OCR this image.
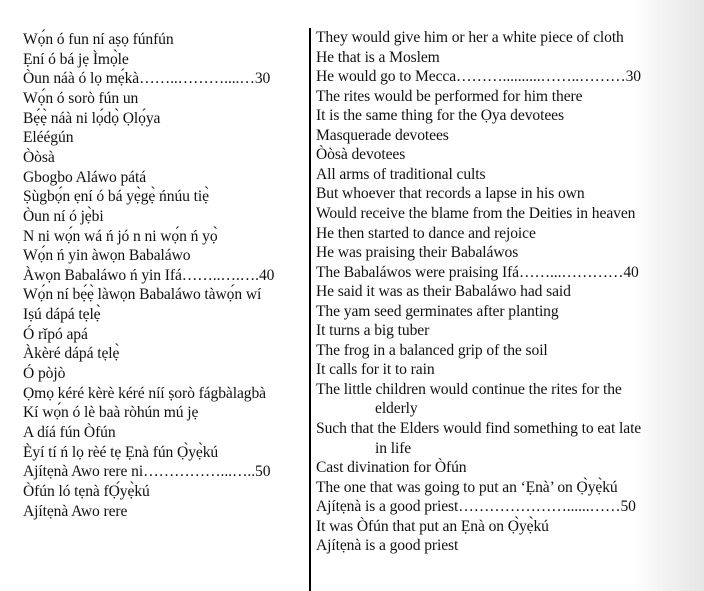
Wọ́n ó fun ní aṣọ fúnfún
Ẹní ó bá jẹ Ìmọ̀le
Òun náà ó lọ mẹ́kà……..………....…30
Wọ́n ó sorò fún un
Bẹ́ẹ̀ náà ni lọ́dọ̀ Ọlọ́ya
Eléégún
Òòsà
Gbogbo Aláwo pátá
Ṣùgbọ́n ẹní ó bá yẹ̀gẹ̀ ńnúu tiẹ̀
Òun ní ó jẹ̀bi
N ni wọ́n wá ń jó n ni wọ́n ń yọ̀
Wọ́n ń yin àwọn Babaláwo
Àwọn Babaláwo ń yin Ifá……..….….40
Wọ́n ní bẹ́ẹ̀ làwọn Babaláwo tàwọ́n wí
Iṣú dápá tẹlẹ̀
Ó rǐpó apá
Àkèré dápá tẹlẹ̀
Ó pòjò
Ọmọ kéré kèrè kéré níí ṣorò fágbàlagbà
Kí wọ́n ó lè baà ròhún mú jẹ
A díá fún Òfún
Èyí tí ń lọ rèé tẹ Ẹnà fún Ọ̀yẹ̀kú
Ajítẹnà Awo rere ni……………...…..50
Òfún ló tẹnà fỌ́yẹ̀kú
Ajítẹnà Awo rere
They would give him or her a white piece of cloth
He that is a Moslem
He would go to Mecca………..........……..………30
The rites would be performed for him there
It is the same thing for the Ọya devotees
Masquerade devotees
Òòsà devotees
All arms of traditional cults
But whoever that records a lapse in his own
Would receive the blame from the Deities in heaven
He then started to dance and rejoice
He was praising their Babaláwos
The Babaláwos were praising Ifá……...…………40
He said it was as their Babaláwo had said
The yam seed germinates after planting
It turns a big tuber
The frog in a balanced grip of the soil
It calls for it to rain
The little children would continue the rites for the
elderly
Such that the Elders would find something to eat late
in life
Cast divination for Òfún
The one that was going to put an ‘Ẹnà’ on Ọ̀yẹ̀kú
Ajítẹnà is a good priest…………………......……50
It was Òfún that put an Ẹnà on Ọ̀yẹ̀kú
Ajítẹnà is a good priest
